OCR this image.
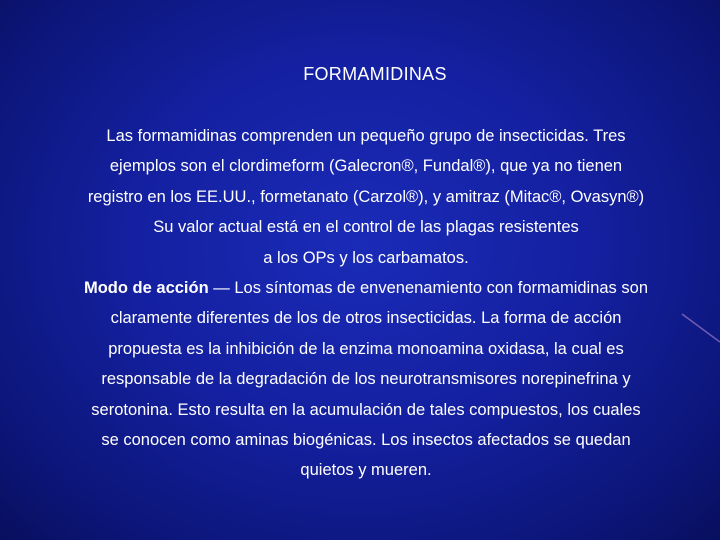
FORMAMIDINAS
Las formamidinas comprenden un pequeño grupo de insecticidas. Tres
ejemplos son el clordimeform (Galecron®, Fundal®), que ya no tienen
registro en los EE.UU., formetanato (Carzol®), y amitraz (Mitac®, Ovasyn®)
Su valor actual está en el control de las plagas resistentes
a los OPs y los carbamatos.
Modo de acción — Los síntomas de envenenamiento con formamidinas son
claramente diferentes de los de otros insecticidas. La forma de acción
propuesta es la inhibición de la enzima monoamina oxidasa, la cual es
responsable de la degradación de los neurotransmisores norepinefrina y
serotonina. Esto resulta en la acumulación de tales compuestos, los cuales
se conocen como aminas biogénicas. Los insectos afectados se quedan
quietos y mueren.
